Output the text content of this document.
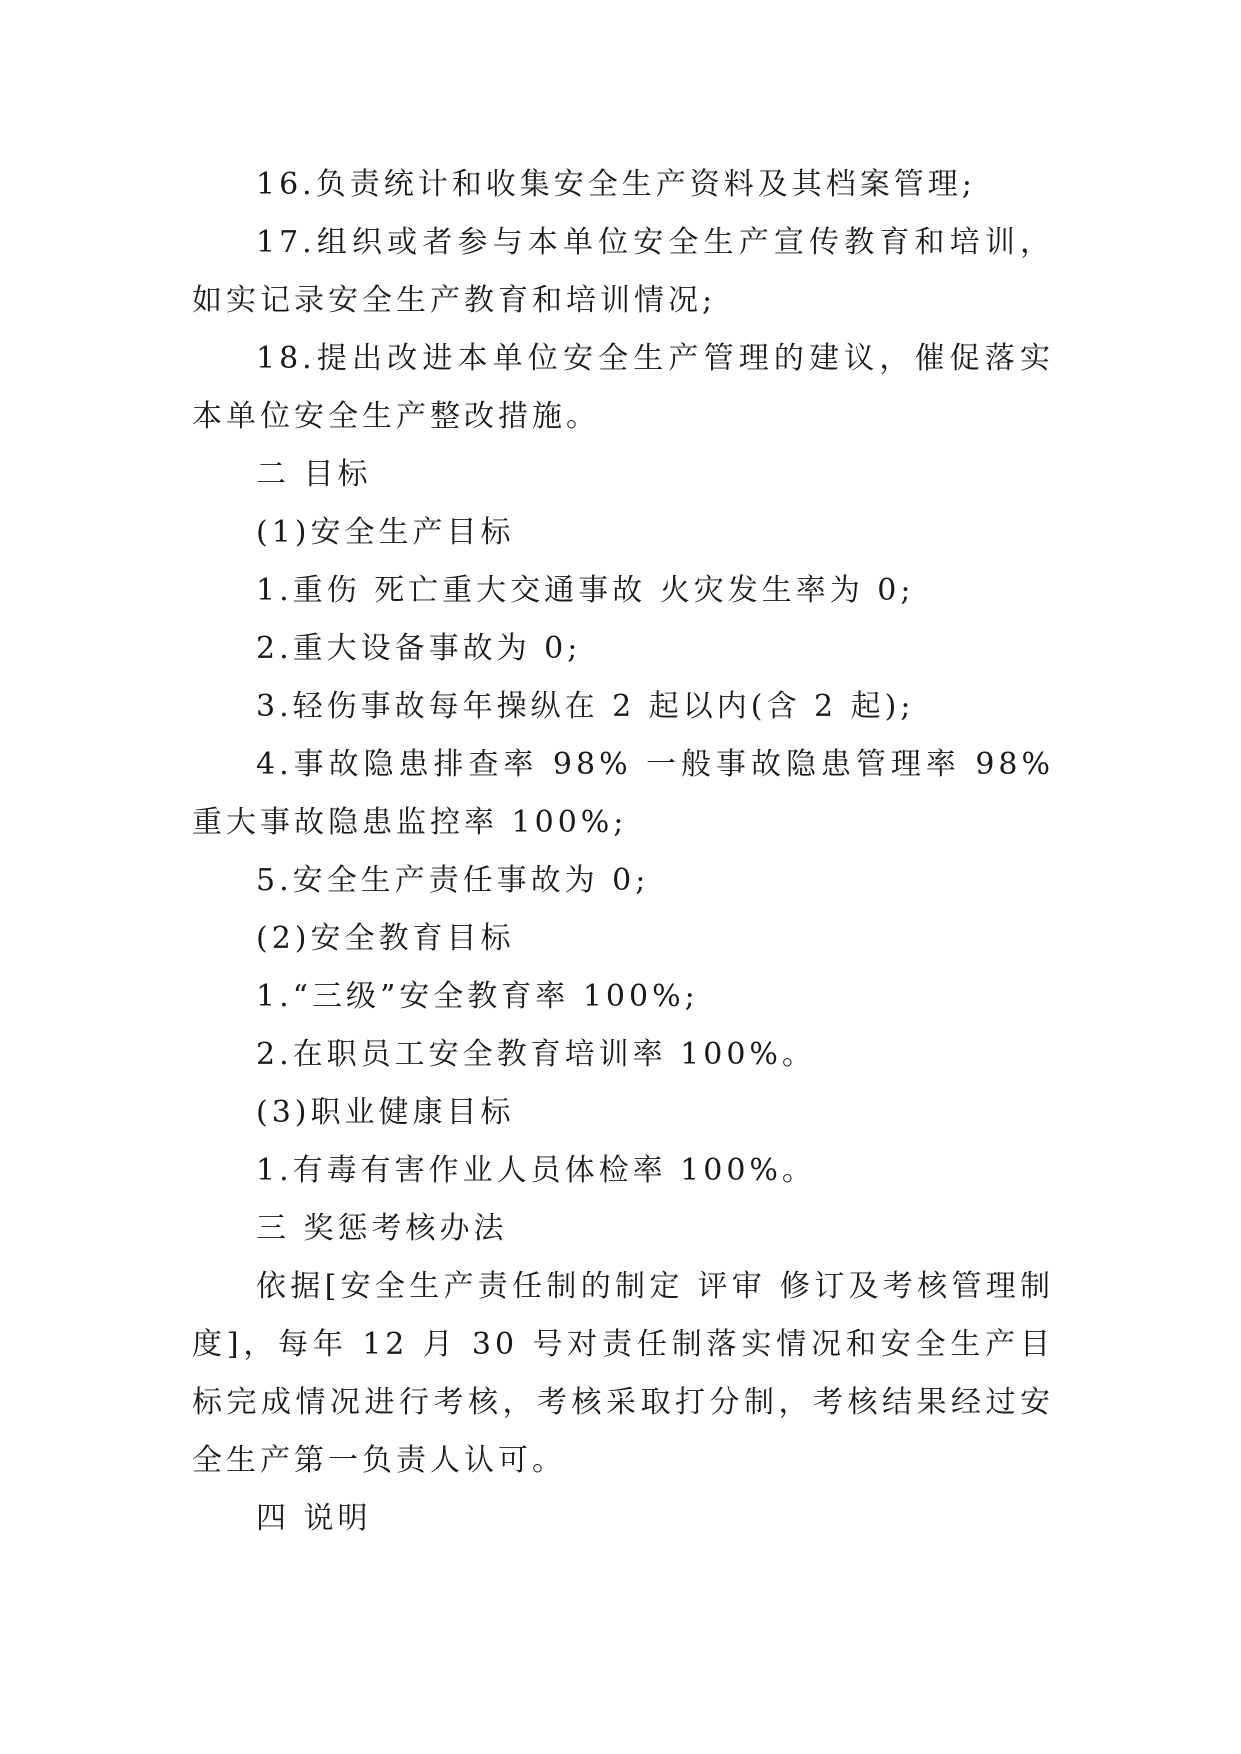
16.负责统计和收集安全生产资料及其档案管理;

17.组织或者参与本单位安全生产宣传教育和培训，如实记录安全生产教育和培训情况;

18.提出改进本单位安全生产管理的建议，催促落实本单位安全生产整改措施。

二 目标

(1)安全生产目标

1.重伤 死亡重大交通事故 火灾发生率为 0;

2.重大设备事故为 0;

3.轻伤事故每年操纵在 2 起以内(含 2 起);

4.事故隐患排查率 98% 一般事故隐患管理率 98% 重大事故隐患监控率 100%;

5.安全生产责任事故为 0;

(2)安全教育目标

1.“三级”安全教育率 100%;

2.在职员工安全教育培训率 100%。

(3)职业健康目标

1.有毒有害作业人员体检率 100%。

三 奖惩考核办法

依据[安全生产责任制的制定 评审 修订及考核管理制度]，每年 12 月 30 号对责任制落实情况和安全生产目标完成情况进行考核，考核采取打分制，考核结果经过安全生产第一负责人认可。

四 说明
